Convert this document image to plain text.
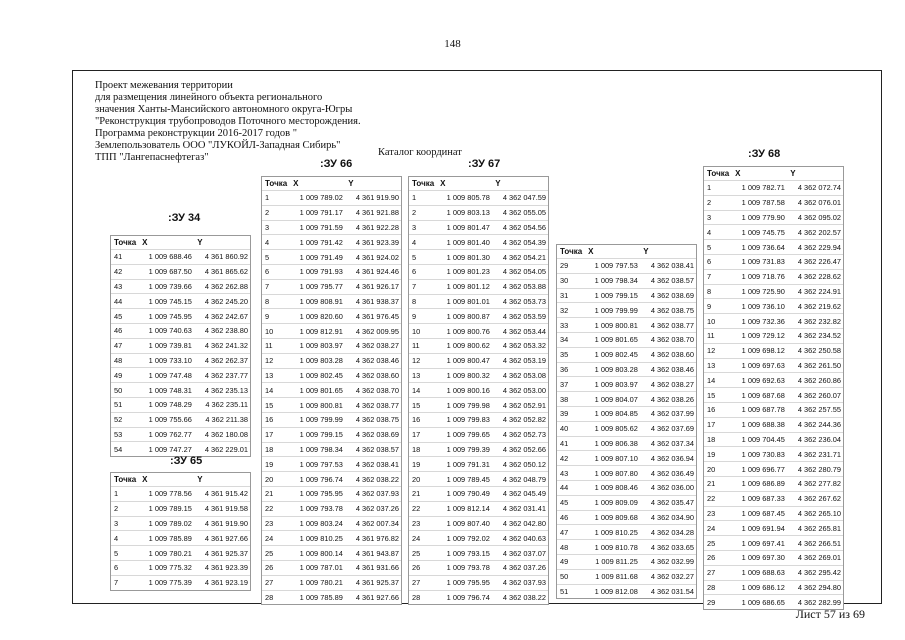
148
Проект межевания территории
для размещения линейного объекта регионального
значения Ханты-Мансийского автономного округа-Югры
"Реконструкция трубопроводов Поточного месторождения.
Программа реконструкции 2016-2017 годов "
Землепользователь ООО "ЛУКОЙЛ-Западная Сибирь"
ТПП "Лангепаснефтегаз"	Каталог координат
:ЗУ 34
Точка X	Y
41	1 009 688.46	4 361 860.92
42	1 009 687.50	4 361 865.62
43	1 009 739.66	4 362 262.88
44	1 009 745.15	4 362 245.20
45	1 009 745.95	4 362 242.67
46	1 009 740.63	4 362 238.80
47	1 009 739.81	4 362 241.32
48	1 009 733.10	4 362 262.37
49	1 009 747.48	4 362 237.77
50	1 009 748.31	4 362 235.13
51	1 009 748.29	4 362 235.11
52	1 009 755.66	4 362 211.38
53	1 009 762.77	4 362 180.08
54	1 009 747.27	4 362 229.01
:ЗУ 65
Точка X	Y
1	1 009 778.56	4 361 915.42
2	1 009 789.15	4 361 919.58
3	1 009 789.02	4 361 919.90
4	1 009 785.89	4 361 927.66
5	1 009 780.21	4 361 925.37
6	1 009 775.32	4 361 923.39
7	1 009 775.39	4 361 923.19
:ЗУ 66
Точка X	Y
1	1 009 789.02	4 361 919.90
2	1 009 791.17	4 361 921.88
3	1 009 791.59	4 361 922.28
4	1 009 791.42	4 361 923.39
5	1 009 791.49	4 361 924.02
6	1 009 791.93	4 361 924.46
7	1 009 795.77	4 361 926.17
8	1 009 808.91	4 361 938.37
9	1 009 820.60	4 361 976.45
10	1 009 812.91	4 362 009.95
11	1 009 803.97	4 362 038.27
12	1 009 803.28	4 362 038.46
13	1 009 802.45	4 362 038.60
14	1 009 801.65	4 362 038.70
15	1 009 800.81	4 362 038.77
16	1 009 799.99	4 362 038.75
17	1 009 799.15	4 362 038.69
18	1 009 798.34	4 362 038.57
19	1 009 797.53	4 362 038.41
20	1 009 796.74	4 362 038.22
21	1 009 795.95	4 362 037.93
22	1 009 793.78	4 362 037.26
23	1 009 803.24	4 362 007.34
24	1 009 810.25	4 361 976.82
25	1 009 800.14	4 361 943.87
26	1 009 787.01	4 361 931.66
27	1 009 780.21	4 361 925.37
28	1 009 785.89	4 361 927.66
:ЗУ 67
Точка X	Y
1	1 009 805.78	4 362 047.59
2	1 009 803.13	4 362 055.05
3	1 009 801.47	4 362 054.56
4	1 009 801.40	4 362 054.39
5	1 009 801.30	4 362 054.21
6	1 009 801.23	4 362 054.05
7	1 009 801.12	4 362 053.88
8	1 009 801.01	4 362 053.73
9	1 009 800.87	4 362 053.59
10	1 009 800.76	4 362 053.44
11	1 009 800.62	4 362 053.32
12	1 009 800.47	4 362 053.19
13	1 009 800.32	4 362 053.08
14	1 009 800.16	4 362 053.00
15	1 009 799.98	4 362 052.91
16	1 009 799.83	4 362 052.82
17	1 009 799.65	4 362 052.73
18	1 009 799.39	4 362 052.66
19	1 009 791.31	4 362 050.12
20	1 009 789.45	4 362 048.79
21	1 009 790.49	4 362 045.49
22	1 009 812.14	4 362 031.41
23	1 009 807.40	4 362 042.80
24	1 009 792.02	4 362 040.63
25	1 009 793.15	4 362 037.07
26	1 009 793.78	4 362 037.26
27	1 009 795.95	4 362 037.93
28	1 009 796.74	4 362 038.22
Точка X	Y
29	1 009 797.53	4 362 038.41
30	1 009 798.34	4 362 038.57
31	1 009 799.15	4 362 038.69
32	1 009 799.99	4 362 038.75
33	1 009 800.81	4 362 038.77
34	1 009 801.65	4 362 038.70
35	1 009 802.45	4 362 038.60
36	1 009 803.28	4 362 038.46
37	1 009 803.97	4 362 038.27
38	1 009 804.07	4 362 038.26
39	1 009 804.85	4 362 037.99
40	1 009 805.62	4 362 037.69
41	1 009 806.38	4 362 037.34
42	1 009 807.10	4 362 036.94
43	1 009 807.80	4 362 036.49
44	1 009 808.46	4 362 036.00
45	1 009 809.09	4 362 035.47
46	1 009 809.68	4 362 034.90
47	1 009 810.25	4 362 034.28
48	1 009 810.78	4 362 033.65
49	1 009 811.25	4 362 032.99
50	1 009 811.68	4 362 032.27
51	1 009 812.08	4 362 031.54
:ЗУ 68
Точка X	Y
1	1 009 782.71	4 362 072.74
2	1 009 787.58	4 362 076.01
3	1 009 779.90	4 362 095.02
4	1 009 745.75	4 362 202.57
5	1 009 736.64	4 362 229.94
6	1 009 731.83	4 362 226.47
7	1 009 718.76	4 362 228.62
8	1 009 725.90	4 362 224.91
9	1 009 736.10	4 362 219.62
10	1 009 732.36	4 362 232.82
11	1 009 729.12	4 362 234.52
12	1 009 698.12	4 362 250.58
13	1 009 697.63	4 362 261.50
14	1 009 692.63	4 362 260.86
15	1 009 687.68	4 362 260.07
16	1 009 687.78	4 362 257.55
17	1 009 688.38	4 362 244.36
18	1 009 704.45	4 362 236.04
19	1 009 730.83	4 362 231.71
20	1 009 696.77	4 362 280.79
21	1 009 686.89	4 362 277.82
22	1 009 687.33	4 362 267.62
23	1 009 687.45	4 362 265.10
24	1 009 691.94	4 362 265.81
25	1 009 697.41	4 362 266.51
26	1 009 697.30	4 362 269.01
27	1 009 688.63	4 362 295.42
28	1 009 686.12	4 362 294.80
29	1 009 686.65	4 362 282.99
Лист 57 из 69
